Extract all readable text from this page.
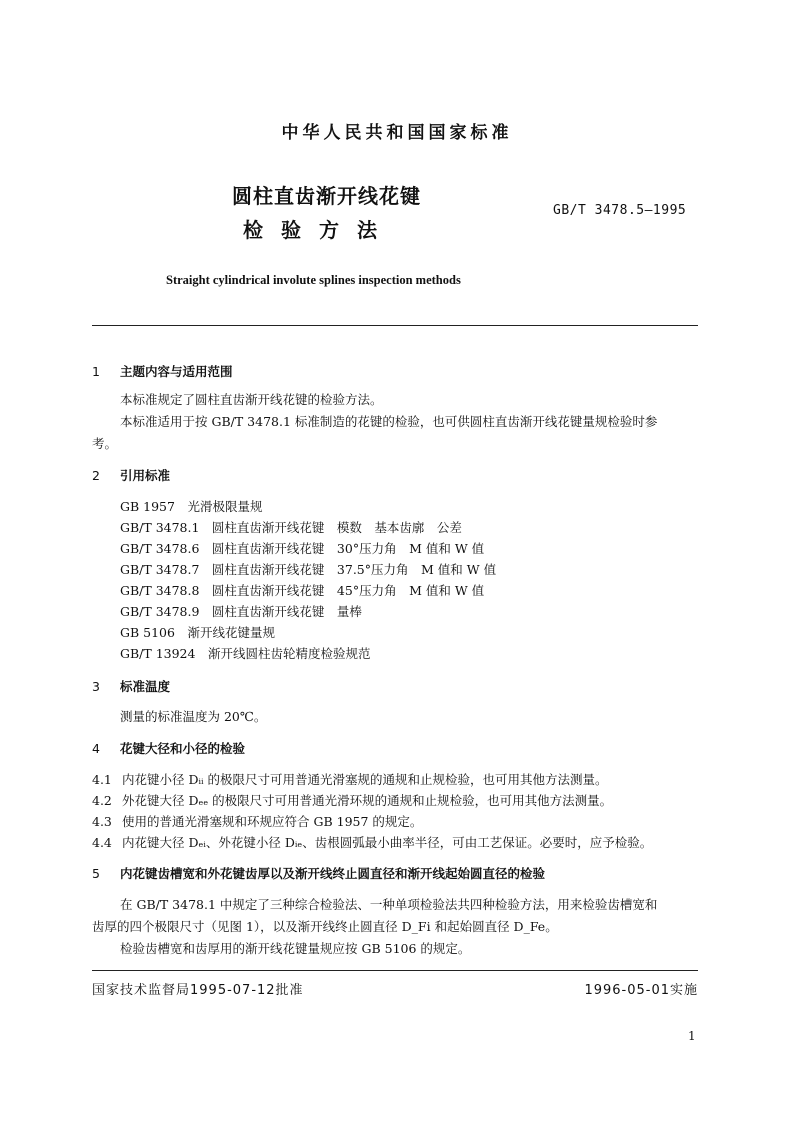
中华人民共和国国家标准
圆柱直齿渐开线花键
检验方法
GB/T 3478.5—1995
Straight cylindrical involute splines inspection methods
1 主题内容与适用范围
本标准规定了圆柱直齿渐开线花键的检验方法。
本标准适用于按 GB/T 3478.1 标准制造的花键的检验，也可供圆柱直齿渐开线花键量规检验时参
考。
2 引用标准
GB 1957　光滑极限量规
GB/T 3478.1　圆柱直齿渐开线花键　模数　基本齿廓　公差
GB/T 3478.6　圆柱直齿渐开线花键　30°压力角　M 值和 W 值
GB/T 3478.7　圆柱直齿渐开线花键　37.5°压力角　M 值和 W 值
GB/T 3478.8　圆柱直齿渐开线花键　45°压力角　M 值和 W 值
GB/T 3478.9　圆柱直齿渐开线花键　量棒
GB 5106　渐开线花键量规
GB/T 13924　渐开线圆柱齿轮精度检验规范
3 标准温度
测量的标准温度为 20℃。
4 花键大径和小径的检验
4.1 内花键小径 Dᵢᵢ 的极限尺寸可用普通光滑塞规的通规和止规检验，也可用其他方法测量。
4.2 外花键大径 Dₑₑ 的极限尺寸可用普通光滑环规的通规和止规检验，也可用其他方法测量。
4.3 使用的普通光滑塞规和环规应符合 GB 1957 的规定。
4.4 内花键大径 Dₑᵢ、外花键小径 Dᵢₑ、齿根圆弧最小曲率半径，可由工艺保证。必要时，应予检验。
5 内花键齿槽宽和外花键齿厚以及渐开线终止圆直径和渐开线起始圆直径的检验
在 GB/T 3478.1 中规定了三种综合检验法、一种单项检验法共四种检验方法，用来检验齿槽宽和
齿厚的四个极限尺寸（见图 1），以及渐开线终止圆直径 D_Fi 和起始圆直径 D_Fe。
检验齿槽宽和齿厚用的渐开线花键量规应按 GB 5106 的规定。
国家技术监督局1995-07-12批准	1996-05-01实施
1
